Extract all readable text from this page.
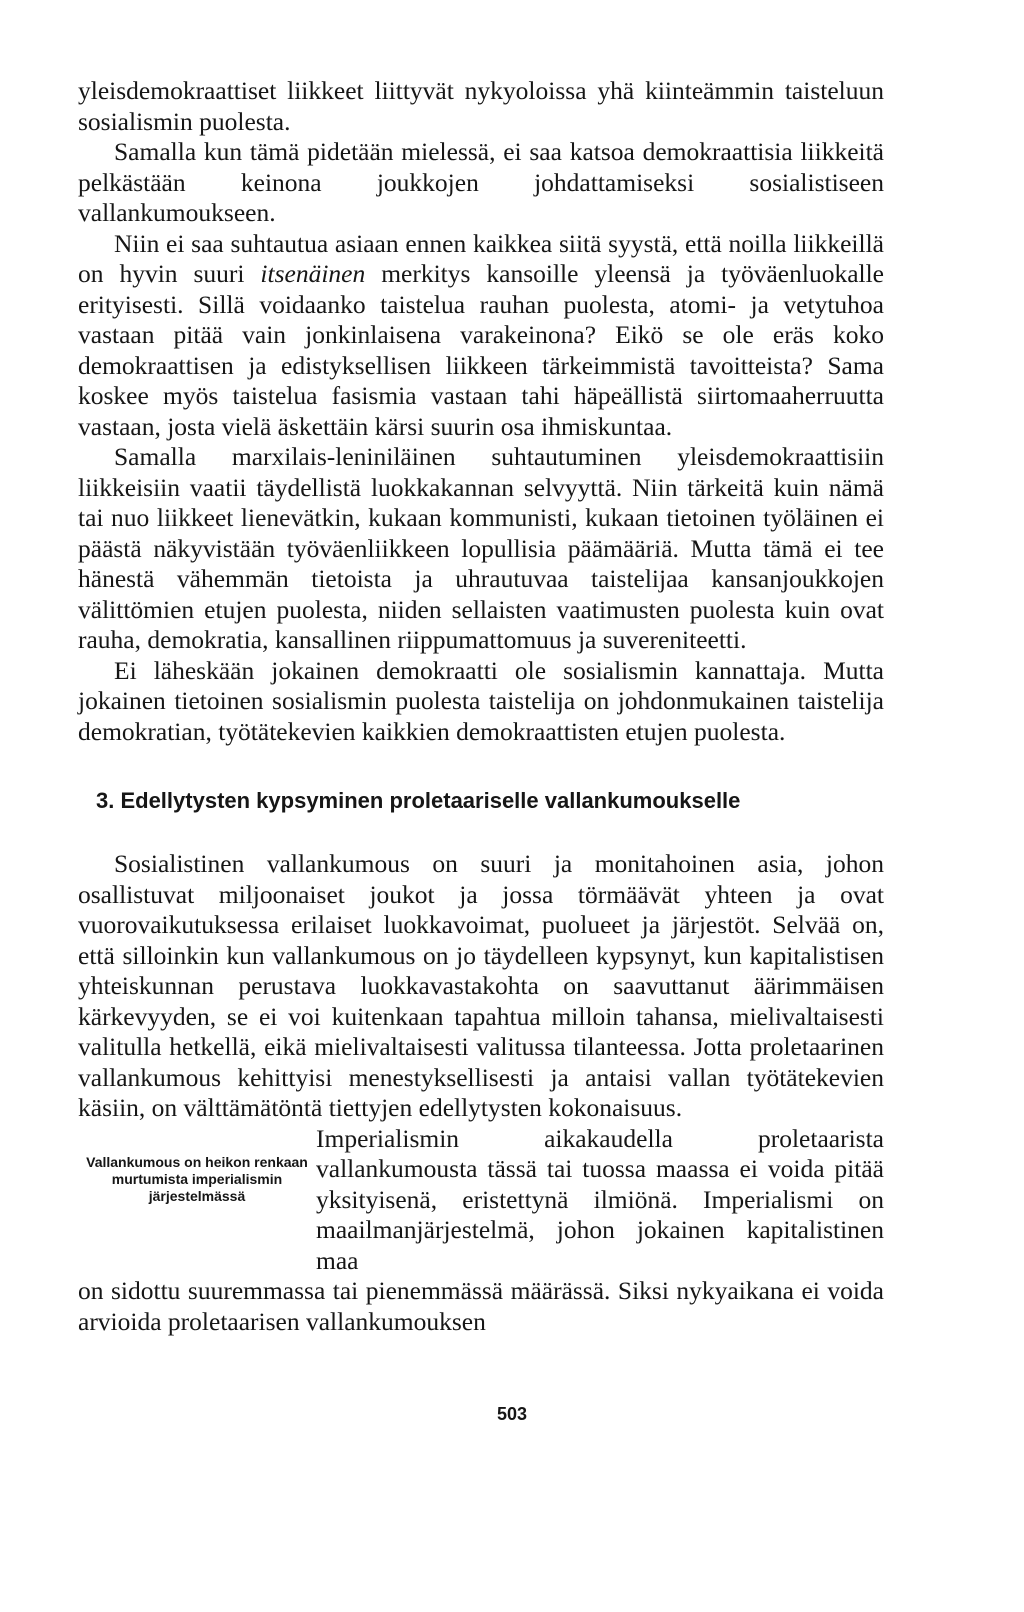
yleisdemokraattiset liikkeet liittyvät nykyoloissa yhä kiinteämmin taisteluun sosialismin puolesta.

Samalla kun tämä pidetään mielessä, ei saa katsoa demokraattisia liikkeitä pelkästään keinona joukkojen johdattamiseksi sosialistiseen vallankumoukseen.

Niin ei saa suhtautua asiaan ennen kaikkea siitä syystä, että noilla liikkeillä on hyvin suuri itsenäinen merkitys kansoille yleensä ja työväenluokalle erityisesti. Sillä voidaanko taistelua rauhan puolesta, atomi- ja vetytuhoa vastaan pitää vain jonkinlaisena varakeinona? Eikö se ole eräs koko demokraattisen ja edistyksellisen liikkeen tärkeimmistä tavoitteista? Sama koskee myös taistelua fasismia vastaan tahi häpeällistä siirtomaaherruutta vastaan, josta vielä äskettäin kärsi suurin osa ihmiskuntaa.

Samalla marxilais-leniniläinen suhtautuminen yleisdemokraattisiin liikkeisiin vaatii täydellistä luokkakannan selvyyttä. Niin tärkeitä kuin nämä tai nuo liikkeet lienevätkin, kukaan kommunisti, kukaan tietoinen työläinen ei päästä näkyvistään työväenliikkeen lopullisia päämääriä. Mutta tämä ei tee hänestä vähemmän tietoista ja uhrautuvaa taistelijaa kansanjoukkojen välittömien etujen puolesta, niiden sellaisten vaatimusten puolesta kuin ovat rauha, demokratia, kansallinen riippumattomuus ja suvereniteetti.

Ei läheskään jokainen demokraatti ole sosialismin kannattaja. Mutta jokainen tietoinen sosialismin puolesta taistelija on johdonmukainen taistelija demokratian, työtätekevien kaikkien demokraattisten etujen puolesta.

3. Edellytysten kypsyminen proletaariselle vallankumoukselle

Sosialistinen vallankumous on suuri ja monitahoinen asia, johon osallistuvat miljoonaiset joukot ja jossa törmäävät yhteen ja ovat vuorovaikutuksessa erilaiset luokkavoimat, puolueet ja järjestöt. Selvää on, että silloinkin kun vallankumous on jo täydelleen kypsynyt, kun kapitalistisen yhteiskunnan perustava luokkavastakohta on saavuttanut äärimmäisen kärkevyyden, se ei voi kuitenkaan tapahtua milloin tahansa, mielivaltaisesti valitulla hetkellä, eikä mielivaltaisesti valitussa tilanteessa. Jotta proletaarinen vallankumous kehittyisi menestyksellisesti ja antaisi vallan työtätekevien käsiin, on välttämätöntä tiettyjen edellytysten kokonaisuus.

Vallankumous on heikon renkaan murtumista imperialismin järjestelmässä

Imperialismin aikakaudella proletaarista vallankumousta tässä tai tuossa maassa ei voida pitää yksityisenä, eristettynä ilmiönä. Imperialismi on maailmanjärjestelmä, johon jokainen kapitalistinen maa

on sidottu suuremmassa tai pienemmässä määrässä. Siksi nykyaikana ei voida arvioida proletaarisen vallankumouksen

503
